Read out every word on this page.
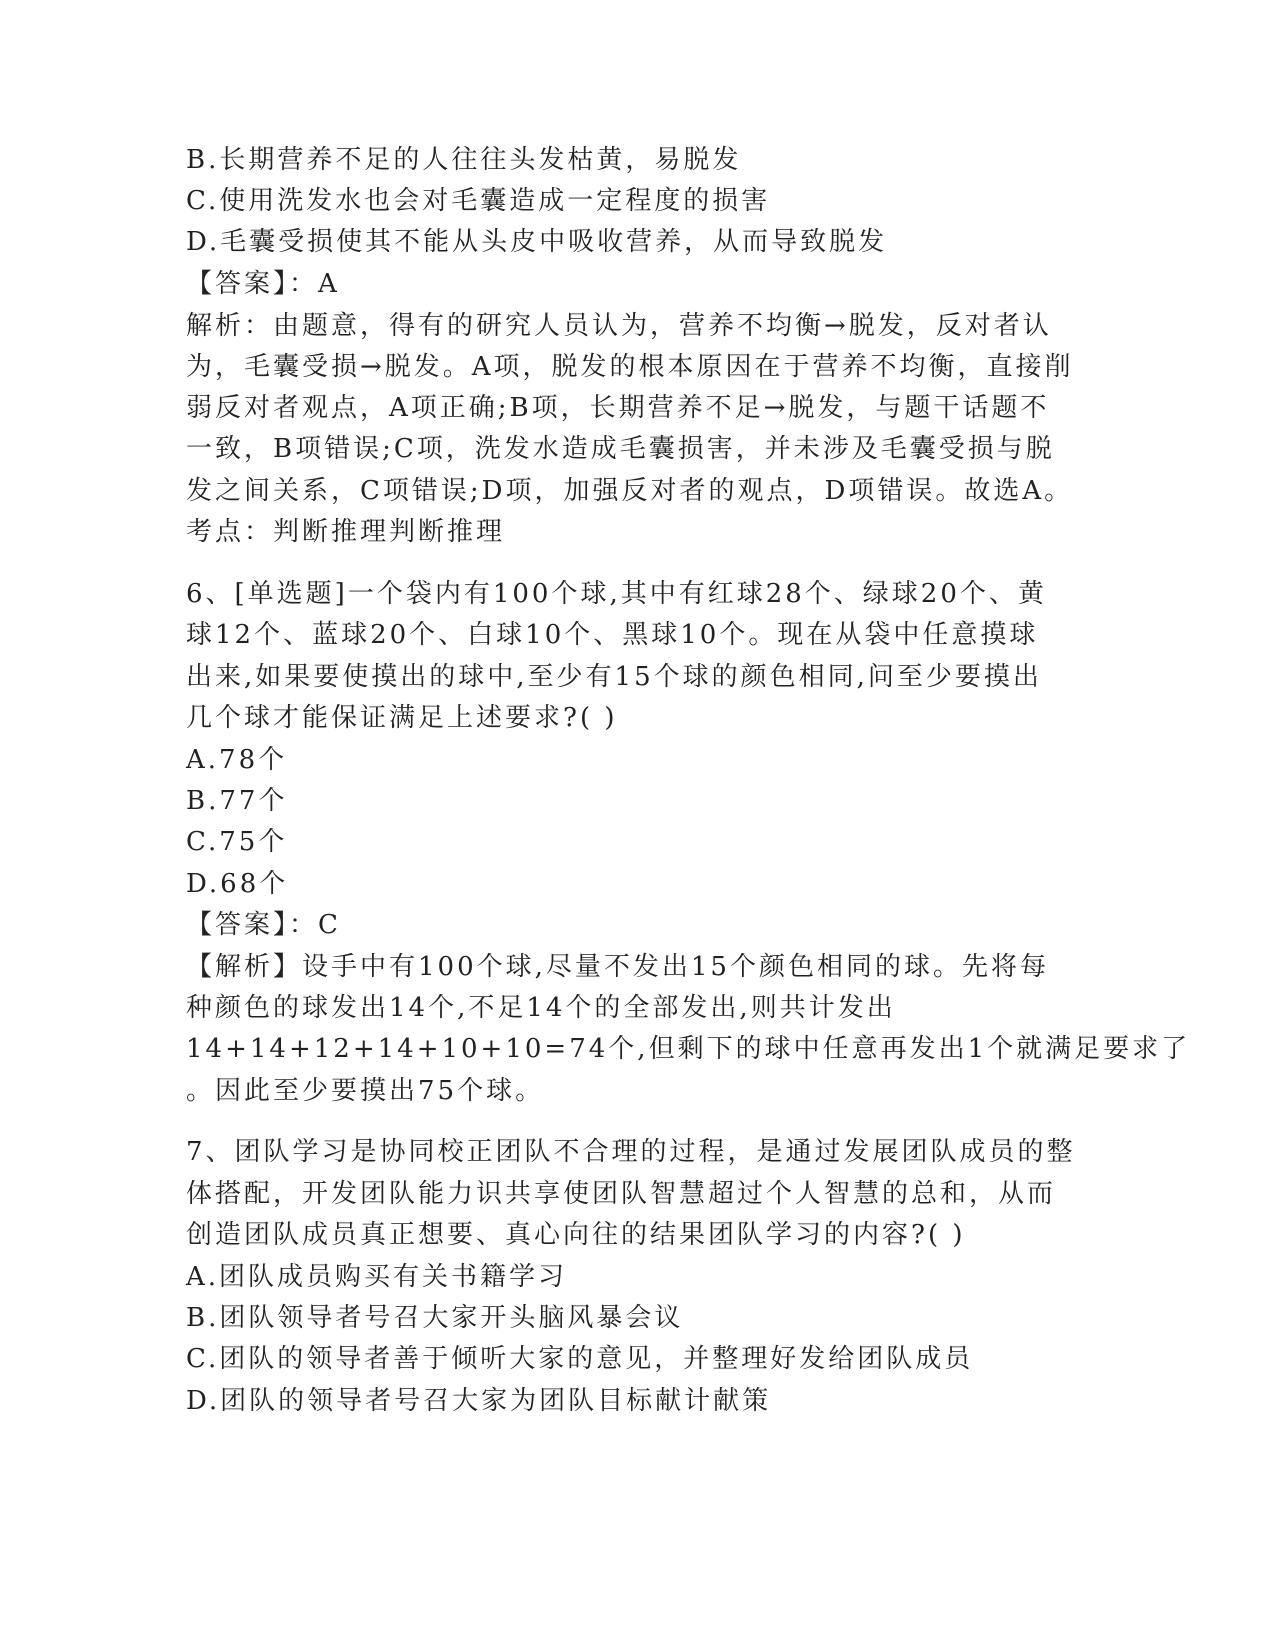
B.长期营养不足的人往往头发枯黄，易脱发
C.使用洗发水也会对毛囊造成一定程度的损害
D.毛囊受损使其不能从头皮中吸收营养，从而导致脱发
【答案】：A
解析：由题意，得有的研究人员认为，营养不均衡→脱发，反对者认
为，毛囊受损→脱发。A项，脱发的根本原因在于营养不均衡，直接削
弱反对者观点，A项正确;B项，长期营养不足→脱发，与题干话题不
一致，B项错误;C项，洗发水造成毛囊损害，并未涉及毛囊受损与脱
发之间关系，C项错误;D项，加强反对者的观点，D项错误。故选A。
考点：判断推理判断推理
6、[单选题]一个袋内有100个球,其中有红球28个、绿球20个、黄
球12个、蓝球20个、白球10个、黑球10个。现在从袋中任意摸球
出来,如果要使摸出的球中,至少有15个球的颜色相同,问至少要摸出
几个球才能保证满足上述要求?( )
A.78个
B.77个
C.75个
D.68个
【答案】：C
【解析】设手中有100个球,尽量不发出15个颜色相同的球。先将每
种颜色的球发出14个,不足14个的全部发出,则共计发出
14+14+12+14+10+10=74个,但剩下的球中任意再发出1个就满足要求了
。因此至少要摸出75个球。
7、团队学习是协同校正团队不合理的过程，是通过发展团队成员的整
体搭配，开发团队能力识共享使团队智慧超过个人智慧的总和，从而
创造团队成员真正想要、真心向往的结果团队学习的内容?( )
A.团队成员购买有关书籍学习
B.团队领导者号召大家开头脑风暴会议
C.团队的领导者善于倾听大家的意见，并整理好发给团队成员
D.团队的领导者号召大家为团队目标献计献策
